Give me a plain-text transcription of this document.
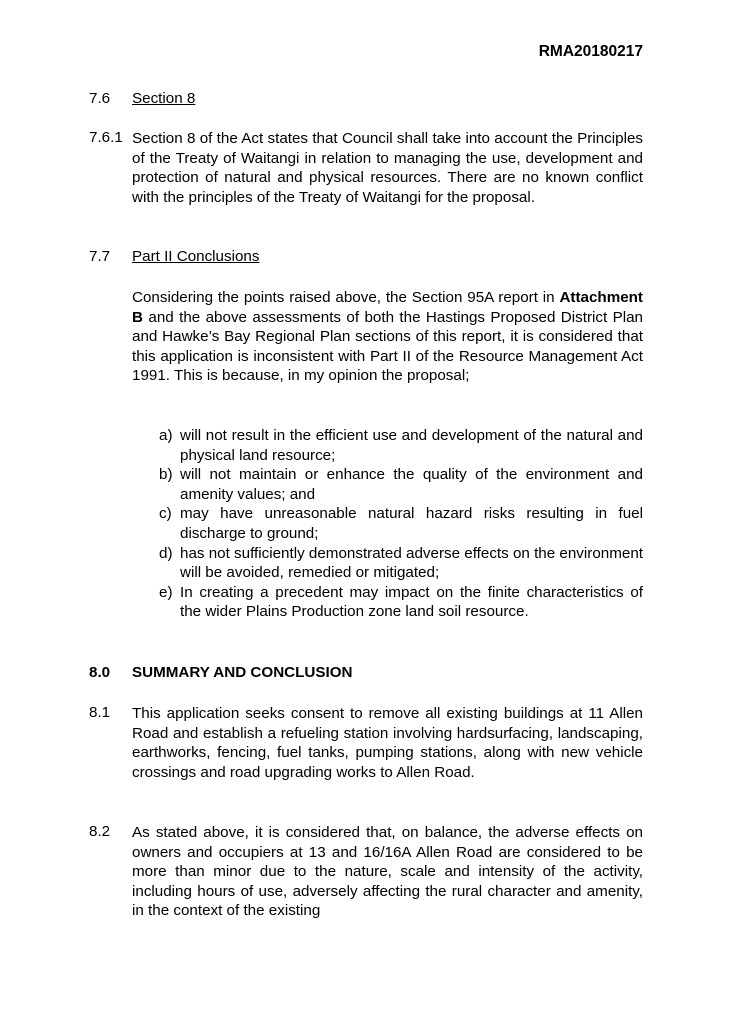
RMA20180217
7.6 Section 8
7.6.1 Section 8 of the Act states that Council shall take into account the Principles of the Treaty of Waitangi in relation to managing the use, development and protection of natural and physical resources. There are no known conflict with the principles of the Treaty of Waitangi for the proposal.

7.7 Part II Conclusions

Considering the points raised above, the Section 95A report in Attachment B and the above assessments of both the Hastings Proposed District Plan and Hawke’s Bay Regional Plan sections of this report, it is considered that this application is inconsistent with Part II of the Resource Management Act 1991. This is because, in my opinion the proposal;

a) will not result in the efficient use and development of the natural and physical land resource;
b) will not maintain or enhance the quality of the environment and amenity values; and
c) may have unreasonable natural hazard risks resulting in fuel discharge to ground;
d) has not sufficiently demonstrated adverse effects on the environment will be avoided, remedied or mitigated;
e) In creating a precedent may impact on the finite characteristics of the wider Plains Production zone land soil resource.
8.0 SUMMARY AND CONCLUSION
8.1 This application seeks consent to remove all existing buildings at 11 Allen Road and establish a refueling station involving hardsurfacing, landscaping, earthworks, fencing, fuel tanks, pumping stations, along with new vehicle crossings and road upgrading works to Allen Road.

8.2 As stated above, it is considered that, on balance, the adverse effects on owners and occupiers at 13 and 16/16A Allen Road are considered to be more than minor due to the nature, scale and intensity of the activity, including hours of use, adversely affecting the rural character and amenity, in the context of the existing
